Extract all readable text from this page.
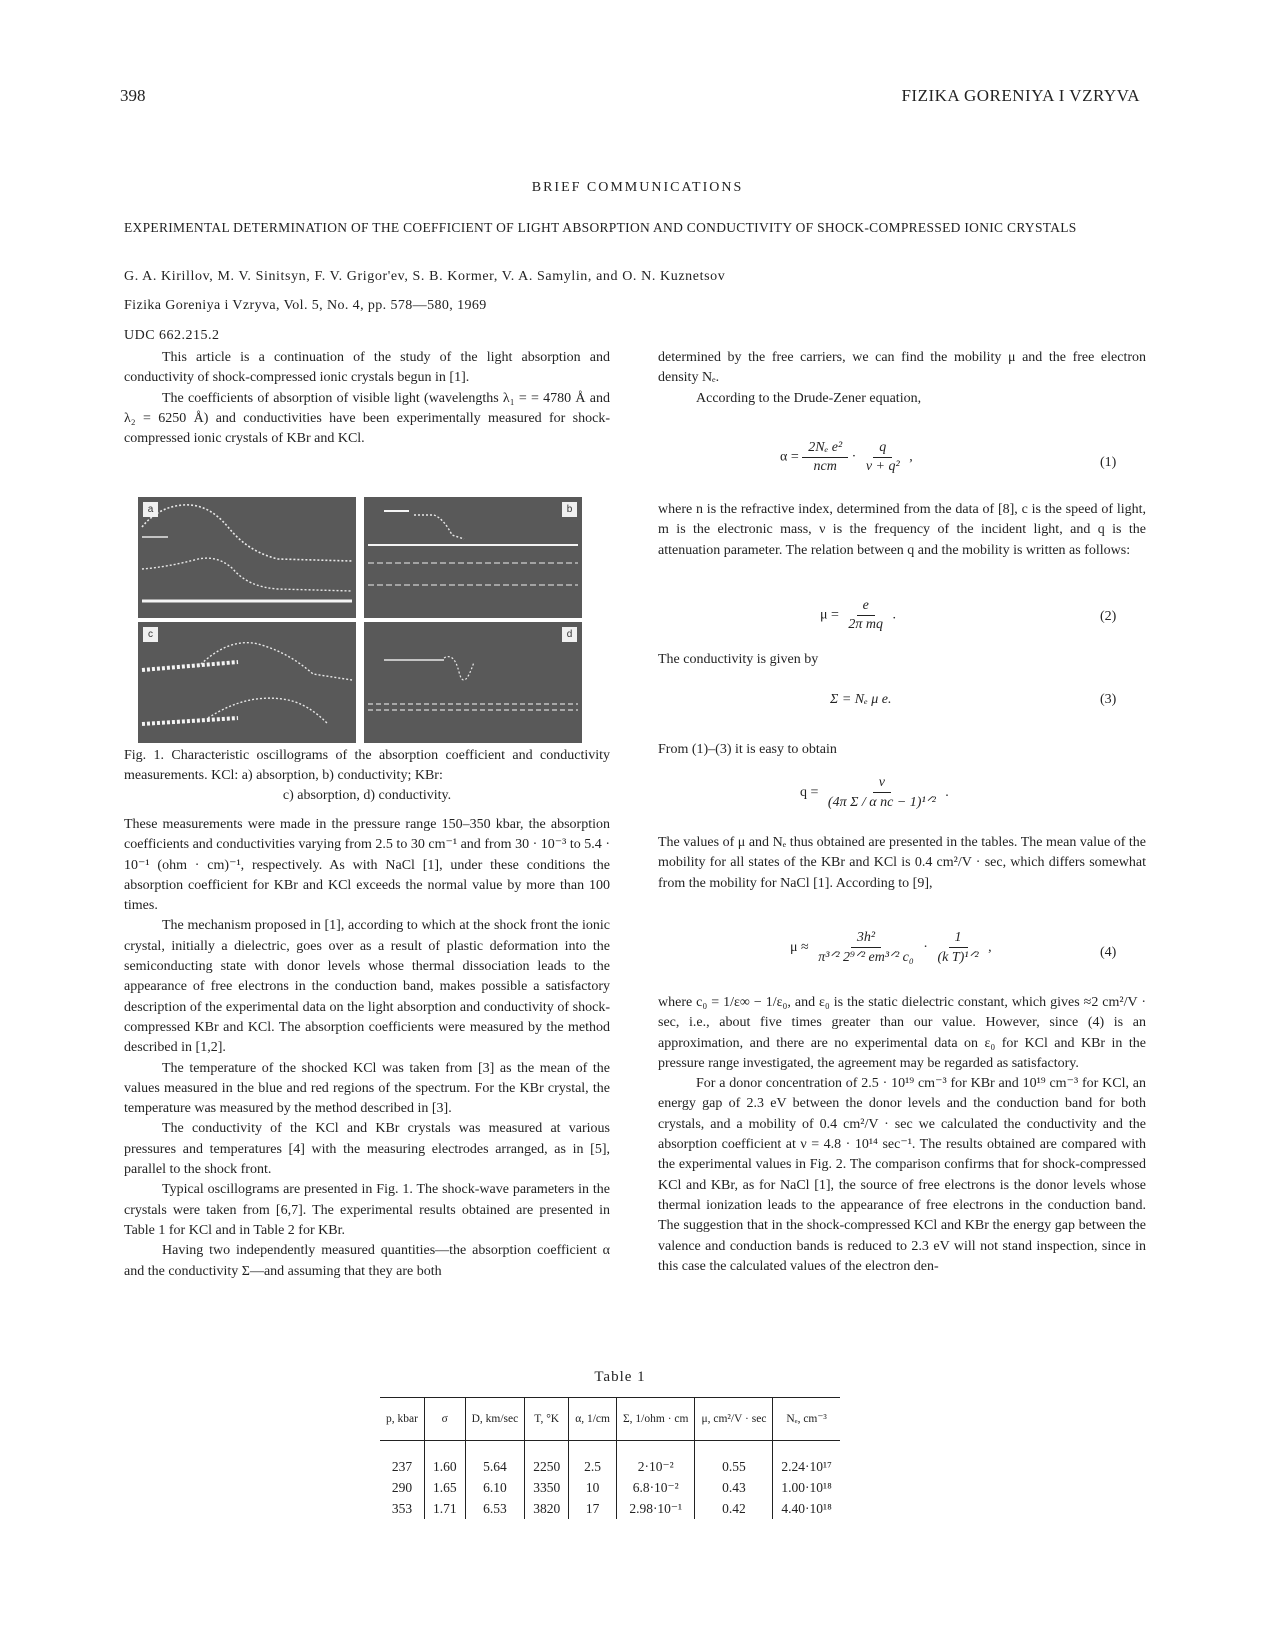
398	FIZIKA GORENIYA I VZRYVA
BRIEF COMMUNICATIONS
EXPERIMENTAL DETERMINATION OF THE COEFFICIENT OF LIGHT ABSORPTION AND CONDUCTIVITY OF SHOCK-COMPRESSED IONIC CRYSTALS
G. A. Kirillov, M. V. Sinitsyn, F. V. Grigor'ev, S. B. Kormer, V. A. Samylin, and O. N. Kuznetsov
Fizika Goreniya i Vzryva, Vol. 5, No. 4, pp. 578—580, 1969
UDC 662.215.2

This article is a continuation of the study of the light absorption and conductivity of shock-compressed ionic crystals begun in [1].

The coefficients of absorption of visible light (wavelengths λ₁ = = 4780 Å and λ₂ = 6250 Å) and conductivities have been experimentally measured for shock-compressed ionic crystals of KBr and KCl.

a	b
c	d
Fig. 1. Characteristic oscillograms of the absorption coefficient and conductivity measurements. KCl: a) absorption, b) conductivity; KBr:
c) absorption, d) conductivity.

These measurements were made in the pressure range 150–350 kbar, the absorption coefficients and conductivities varying from 2.5 to 30 cm⁻¹ and from 30 · 10⁻³ to 5.4 · 10⁻¹ (ohm · cm)⁻¹, respectively. As with NaCl [1], under these conditions the absorption coefficient for KBr and KCl exceeds the normal value by more than 100 times.

The mechanism proposed in [1], according to which at the shock front the ionic crystal, initially a dielectric, goes over as a result of plastic deformation into the semiconducting state with donor levels whose thermal dissociation leads to the appearance of free electrons in the conduction band, makes possible a satisfactory description of the experimental data on the light absorption and conductivity of shock-compressed KBr and KCl. The absorption coefficients were measured by the method described in [1,2].

The temperature of the shocked KCl was taken from [3] as the mean of the values measured in the blue and red regions of the spectrum. For the KBr crystal, the temperature was measured by the method described in [3].

The conductivity of the KCl and KBr crystals was measured at various pressures and temperatures [4] with the measuring electrodes arranged, as in [5], parallel to the shock front.

Typical oscillograms are presented in Fig. 1. The shock-wave parameters in the crystals were taken from [6,7]. The experimental results obtained are presented in Table 1 for KCl and in Table 2 for KBr.

Having two independently measured quantities—the absorption coefficient α and the conductivity Σ—and assuming that they are both

determined by the free carriers, we can find the mobility μ and the free electron density Nₑ.

According to the Drude-Zener equation,

$\alpha = \frac{\text{2Nₑ e²}}{\text{ncm}} \cdot \frac{q}{\text{ν + q²}}$ ,	(1)

where n is the refractive index, determined from the data of [8], c is the speed of light, m is the electronic mass, ν is the frequency of the incident light, and q is the attenuation parameter. The relation between q and the mobility is written as follows:

$\mu = \frac{e}{\text{2π mq}}$ .	(2)

The conductivity is given by

Σ = Nₑ μ e.	(3)

From (1)–(3) it is easy to obtain

$q = \frac{\nu}{\text{(4π Σ / α nc − 1)¹ᐟ²}}$ .

The values of μ and Nₑ thus obtained are presented in the tables. The mean value of the mobility for all states of the KBr and KCl is 0.4 cm²/V · sec, which differs somewhat from the mobility for NaCl [1]. According to [9],

$\mu \approx \frac{\text{3h²}}{\text{π³ᐟ² 2⁹ᐟ² em³ᐟ² c₀}} \cdot \frac{1}{\text{(k T)¹ᐟ²}}$ ,	(4)

where c₀ = 1/ε∞ − 1/ε₀, and ε₀ is the static dielectric constant, which gives ≈2 cm²/V · sec, i.e., about five times greater than our value. However, since (4) is an approximation, and there are no experimental data on ε₀ for KCl and KBr in the pressure range investigated, the agreement may be regarded as satisfactory.

For a donor concentration of 2.5 · 10¹⁹ cm⁻³ for KBr and 10¹⁹ cm⁻³ for KCl, an energy gap of 2.3 eV between the donor levels and the conduction band for both crystals, and a mobility of 0.4 cm²/V · sec we calculated the conductivity and the absorption coefficient at ν = 4.8 · 10¹⁴ sec⁻¹. The results obtained are compared with the experimental values in Fig. 2. The comparison confirms that for shock-compressed KCl and KBr, as for NaCl [1], the source of free electrons is the donor levels whose thermal ionization leads to the appearance of free electrons in the conduction band. The suggestion that in the shock-compressed KCl and KBr the energy gap between the valence and conduction bands is reduced to 2.3 eV will not stand inspection, since in this case the calculated values of the electron den-

Table 1
p, kbar	σ	D, km/sec	T, °K	α, 1/cm	Σ, 1/ohm · cm	μ, cm²/V · sec	Nₑ, cm⁻³
237	1.60	5.64	2250	2.5	2·10⁻²	0.55	2.24·10¹⁷
290	1.65	6.10	3350	10	6.8·10⁻²	0.43	1.00·10¹⁸
353	1.71	6.53	3820	17	2.98·10⁻¹	0.42	4.40·10¹⁸
